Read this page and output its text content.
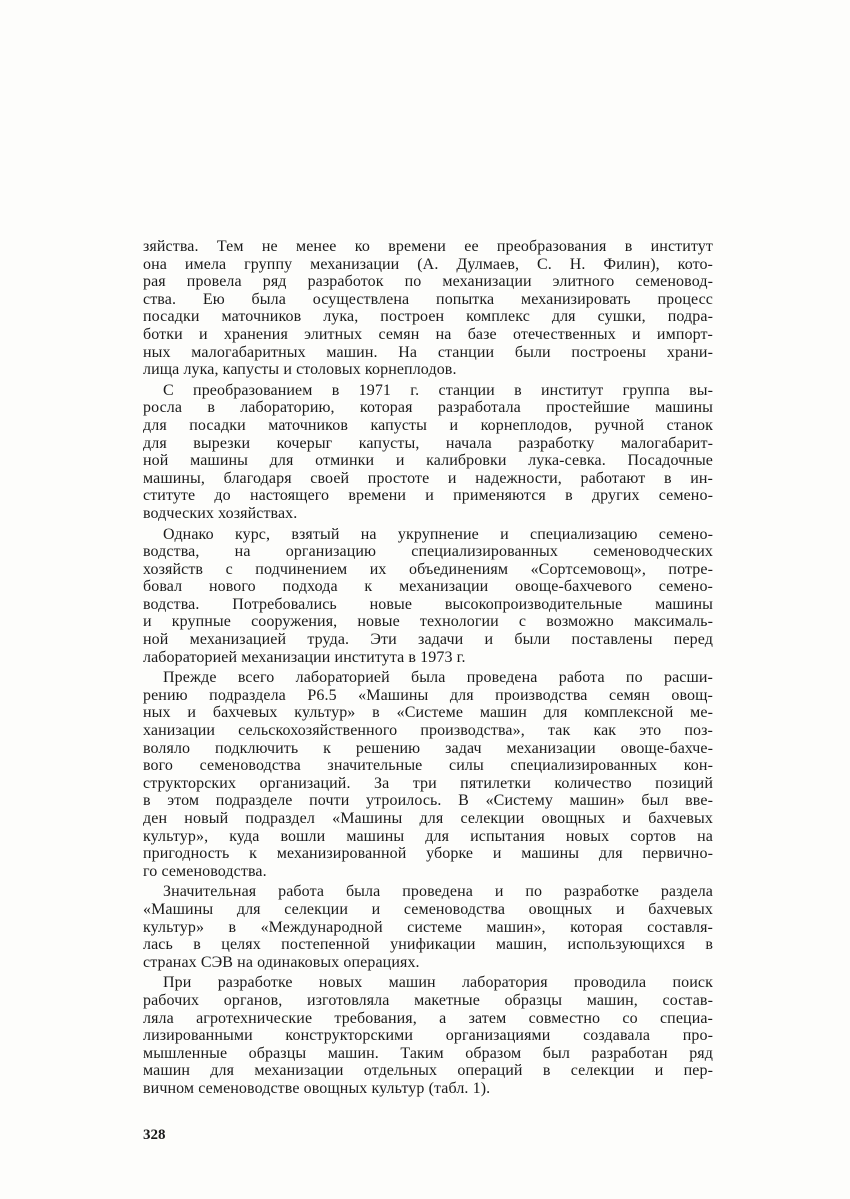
зяйства. Тем не менее ко времени ее преобразования в институт
она имела группу механизации (А. Дулмаев, С. Н. Филин), кото-
рая провела ряд разработок по механизации элитного семеновод-
ства. Ею была осуществлена попытка механизировать процесс
посадки маточников лука, построен комплекс для сушки, подра-
ботки и хранения элитных семян на базе отечественных и импорт-
ных малогабаритных машин. На станции были построены храни-
лища лука, капусты и столовых корнеплодов.
С преобразованием в 1971 г. станции в институт группа вы-
росла в лабораторию, которая разработала простейшие машины
для посадки маточников капусты и корнеплодов, ручной станок
для вырезки кочерыг капусты, начала разработку малогабарит-
ной машины для отминки и калибровки лука-севка. Посадочные
машины, благодаря своей простоте и надежности, работают в ин-
ституте до настоящего времени и применяются в других семено-
водческих хозяйствах.
Однако курс, взятый на укрупнение и специализацию семено-
водства, на организацию специализированных семеноводческих
хозяйств с подчинением их объединениям «Сортсемовощ», потре-
бовал нового подхода к механизации овоще-бахчевого семено-
водства. Потребовались новые высокопроизводительные машины
и крупные сооружения, новые технологии с возможно максималь-
ной механизацией труда. Эти задачи и были поставлены перед
лабораторией механизации института в 1973 г.
Прежде всего лабораторией была проведена работа по расши-
рению подраздела Р6.5 «Машины для производства семян овощ-
ных и бахчевых культур» в «Системе машин для комплексной ме-
ханизации сельскохозяйственного производства», так как это поз-
воляло подключить к решению задач механизации овоще-бахче-
вого семеноводства значительные силы специализированных кон-
структорских организаций. За три пятилетки количество позиций
в этом подразделе почти утроилось. В «Систему машин» был вве-
ден новый подраздел «Машины для селекции овощных и бахчевых
культур», куда вошли машины для испытания новых сортов на
пригодность к механизированной уборке и машины для первично-
го семеноводства.
Значительная работа была проведена и по разработке раздела
«Машины для селекции и семеноводства овощных и бахчевых
культур» в «Международной системе машин», которая составля-
лась в целях постепенной унификации машин, использующихся в
странах СЭВ на одинаковых операциях.
При разработке новых машин лаборатория проводила поиск
рабочих органов, изготовляла макетные образцы машин, состав-
ляла агротехнические требования, а затем совместно со специа-
лизированными конструкторскими организациями создавала про-
мышленные образцы машин. Таким образом был разработан ряд
машин для механизации отдельных операций в селекции и пер-
вичном семеноводстве овощных культур (табл. 1).
328
